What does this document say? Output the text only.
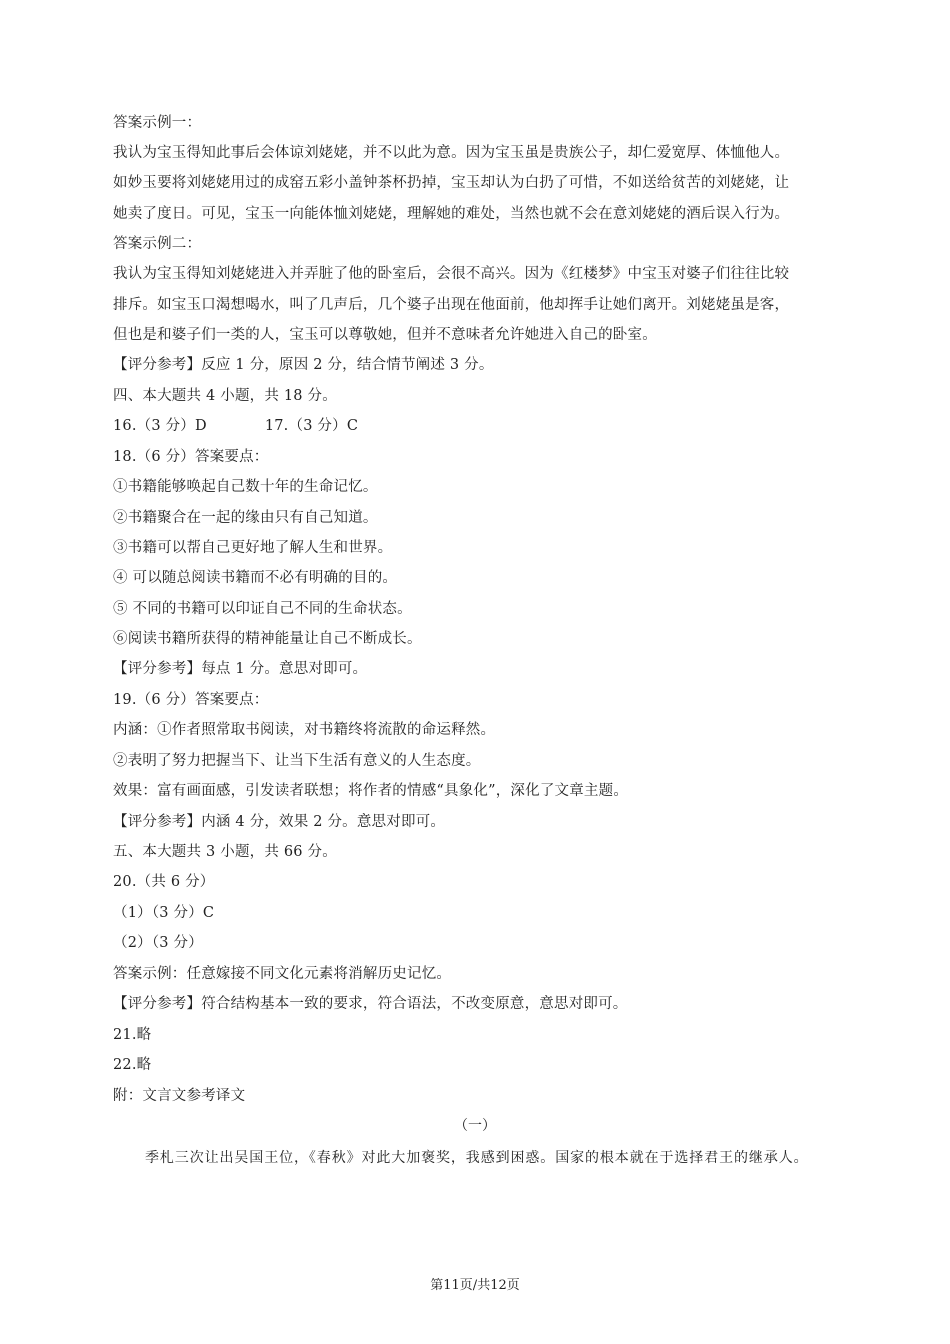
答案示例一：
我认为宝玉得知此事后会体谅刘姥姥，并不以此为意。因为宝玉虽是贵族公子，却仁爱宽厚、体恤他人。
如妙玉要将刘姥姥用过的成窑五彩小盖钟茶杯扔掉，宝玉却认为白扔了可惜，不如送给贫苦的刘姥姥，让
她卖了度日。可见，宝玉一向能体恤刘姥姥，理解她的难处，当然也就不会在意刘姥姥的酒后误入行为。
答案示例二：
我认为宝玉得知刘姥姥进入并弄脏了他的卧室后，会很不高兴。因为《红楼梦》中宝玉对婆子们往往比较
排斥。如宝玉口渴想喝水，叫了几声后，几个婆子出现在他面前，他却挥手让她们离开。刘姥姥虽是客，
但也是和婆子们一类的人，宝玉可以尊敬她，但并不意味者允许她进入自己的卧室。
【评分参考】反应 1 分，原因 2 分，结合情节阐述 3 分。
四、本大题共 4 小题，共 18 分。
16.（3 分）D	17.（3 分）C
18.（6 分）答案要点：
①书籍能够唤起自己数十年的生命记忆。
②书籍聚合在一起的缘由只有自己知道。
③书籍可以帮自己更好地了解人生和世界。
④ 可以随总阅读书籍而不必有明确的目的。
⑤ 不同的书籍可以印证自己不同的生命状态。
⑥阅读书籍所获得的精神能量让自己不断成长。
【评分参考】每点 1 分。意思对即可。
19.（6 分）答案要点：
内涵：①作者照常取书阅读，对书籍终将流散的命运释然。
②表明了努力把握当下、让当下生活有意义的人生态度。
效果：富有画面感，引发读者联想；将作者的情感“具象化”，深化了文章主题。
【评分参考】内涵 4 分，效果 2 分。意思对即可。
五、本大题共 3 小题，共 66 分。
20.（共 6 分）
（1）（3 分）C
（2）（3 分）
答案示例：任意嫁接不同文化元素将消解历史记忆。
【评分参考】符合结构基本一致的要求，符合语法，不改变原意，意思对即可。
21.略
22.略
附：文言文参考译文
（一）
季札三次让出吴国王位，《春秋》对此大加褒奖，我感到困惑。国家的根本就在于选择君王的继承人。
第11页/共12页
